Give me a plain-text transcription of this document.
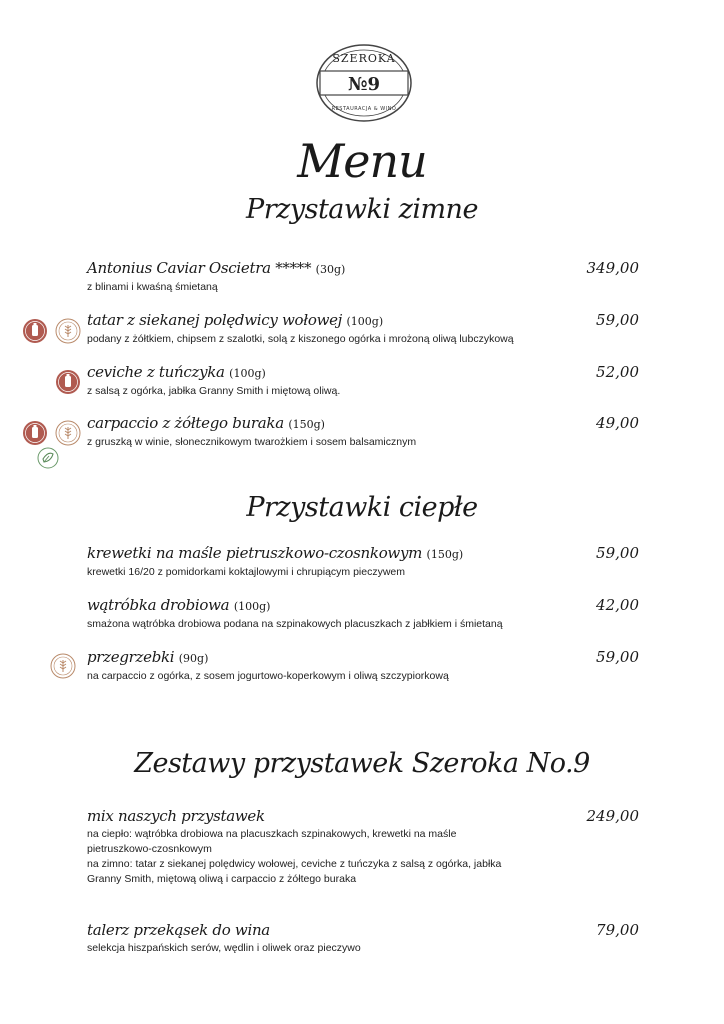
№9
SZEROKA
RESTAURACJA & WINO
Menu
Przystawki zimne
Antonius Caviar Oscietra ***** (30g)	349,00
z blinami i kwaśną śmietaną
tatar z siekanej polędwicy wołowej (100g)	59,00
podany z żółtkiem, chipsem z szalotki, solą z kiszonego ogórka i mrożoną oliwą lubczykową
ceviche z tuńczyka (100g)	52,00
z salsą z ogórka, jabłka Granny Smith i miętową oliwą.
carpaccio z żółtego buraka (150g)	49,00
z gruszką w winie, słonecznikowym twarożkiem i sosem balsamicznym
Przystawki ciepłe
krewetki na maśle pietruszkowo-czosnkowym (150g)	59,00
krewetki 16/20 z pomidorkami koktajlowymi i chrupiącym pieczywem
wątróbka drobiowa (100g)	42,00
smażona wątróbka drobiowa podana na szpinakowych placuszkach z jabłkiem i śmietaną
przegrzebki (90g)	59,00
na carpaccio z ogórka, z sosem jogurtowo-koperkowym i oliwą szczypiorkową
Zestawy przystawek Szeroka No.9
mix naszych przystawek	249,00
na ciepło: wątróbka drobiowa na placuszkach szpinakowych, krewetki na maśle pietruszkowo-czosnkowym
na zimno: tatar z siekanej polędwicy wołowej, ceviche z tuńczyka z salsą z ogórka, jabłka Granny Smith, miętową oliwą i carpaccio z żółtego buraka
talerz przekąsek do wina	79,00
selekcja hiszpańskich serów, wędlin i oliwek oraz pieczywo
